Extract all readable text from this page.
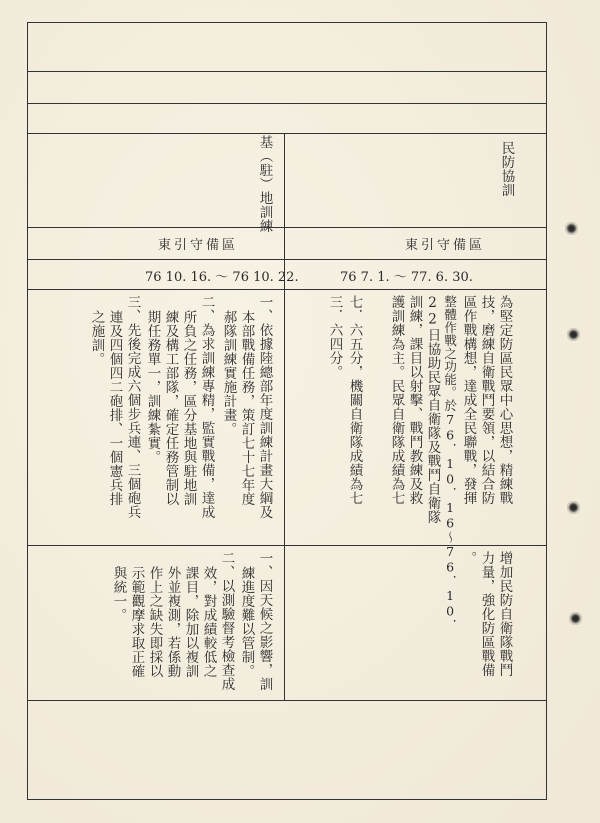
民防協訓
基（駐）地訓練
東引守備區
東引守備區
76 7. 1. ～ 77. 6. 30.
76 10. 16. ～ 76 10. 22.
為堅定防區民眾中心思想，精練戰
技，磨練自衛戰鬥要領，以結合防
區作戰構想，達成全民聯戰，發揮
整體作戰之功能。於76．10．16～76．10．
22日協助民眾自衛隊及戰鬥自衛隊
訓練，課目以射擊、戰鬥教練及救
護訓練為主。民眾自衛隊成績為七
七．六五分，機關自衛隊成績為七
三．六四分。
一、依據陸總部年度訓練計畫大綱及
本部戰備任務，策訂七十七年度
郝隊訓練實施計畫。
二、為求訓練專精，監實戰備，達成
所負之任務，區分基地與駐地訓
練及構工部隊，確定任務管制以
期任務單一，訓練紮實。
三、先後完成六個步兵連、三個砲兵
連及四個四二砲排、一個憲兵排
之施訓。
增加民防自衛隊戰鬥
力量，強化防區戰備
。
一、因天候之影響，訓
練進度難以管制。
二、以測驗督考檢查成
效，對成績較低之
課目，除加以複訓
外並複測，若係動
作上之缺失即採以
示範觀摩求取正確
與統一。
